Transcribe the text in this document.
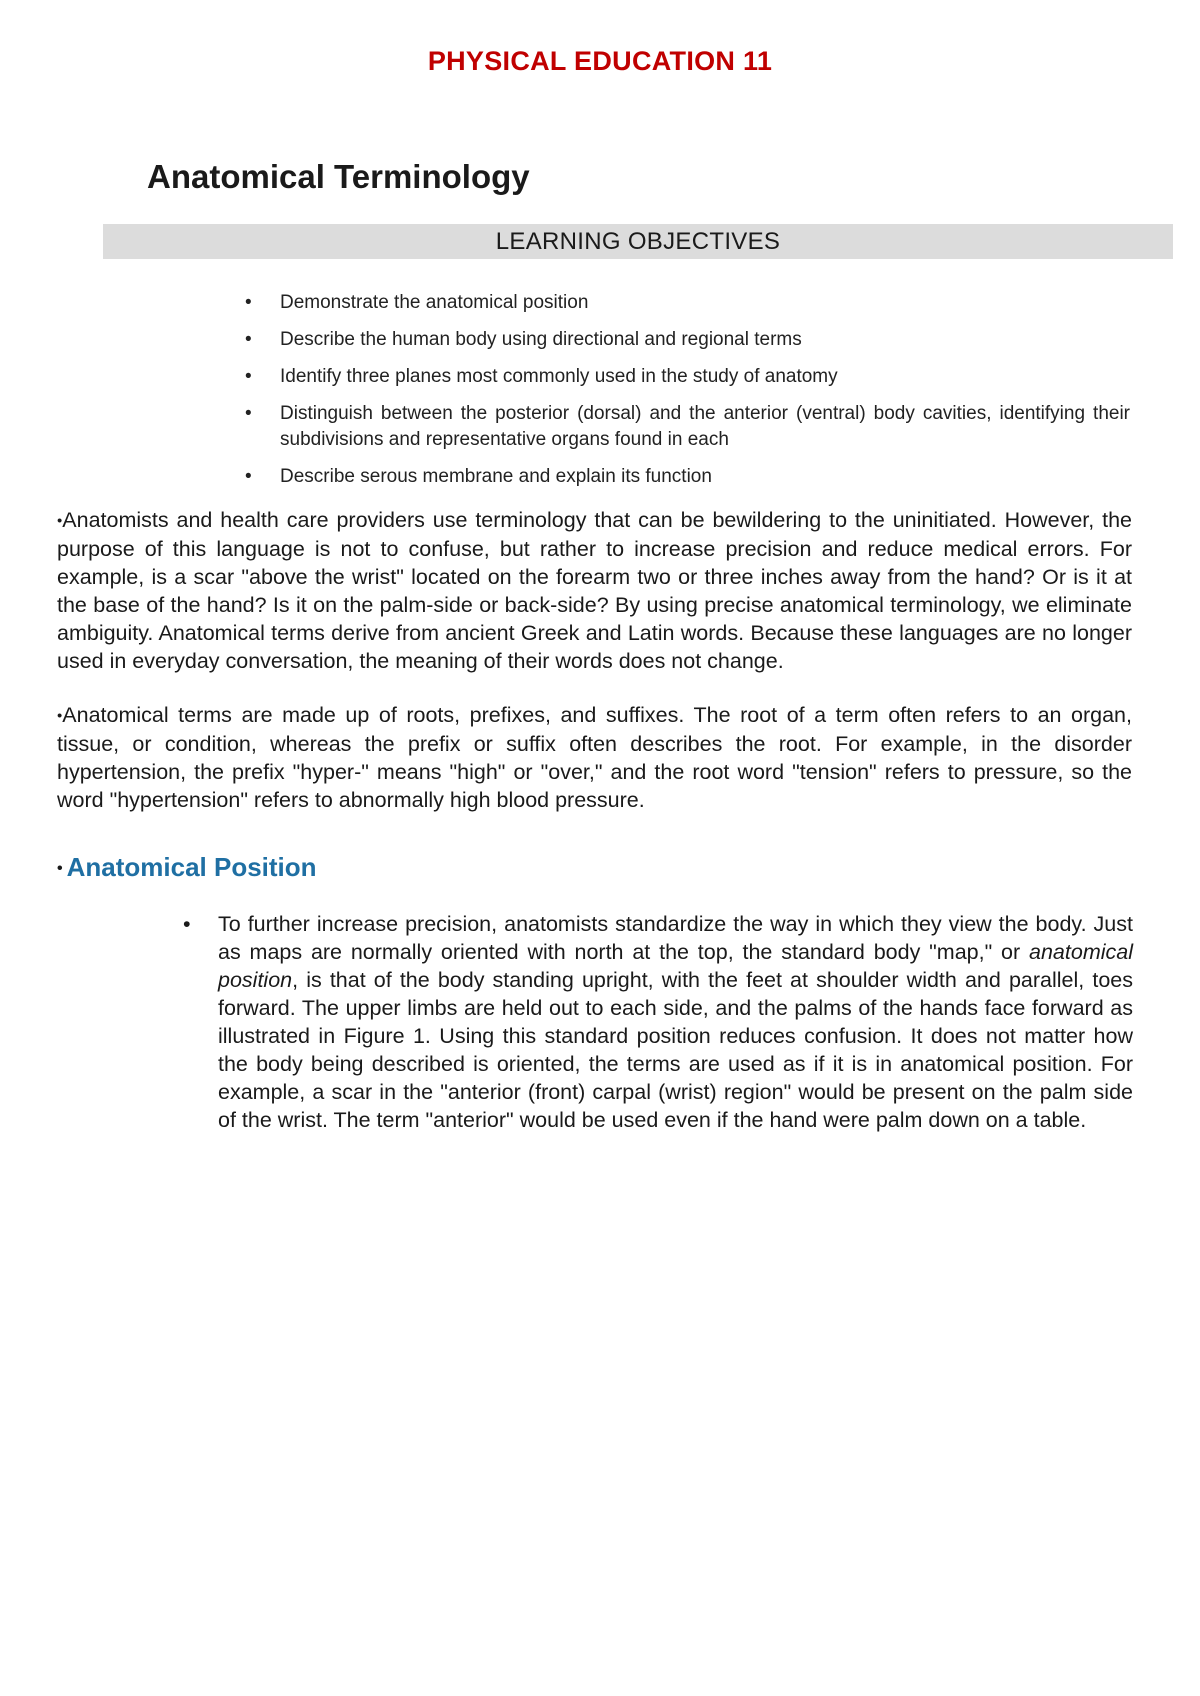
PHYSICAL EDUCATION 11
Anatomical Terminology
LEARNING OBJECTIVES
• Demonstrate the anatomical position
• Describe the human body using directional and regional terms
• Identify three planes most commonly used in the study of anatomy
• Distinguish between the posterior (dorsal) and the anterior (ventral) body cavities, identifying their subdivisions and representative organs found in each
• Describe serous membrane and explain its function

•Anatomists and health care providers use terminology that can be bewildering to the uninitiated. However, the purpose of this language is not to confuse, but rather to increase precision and reduce medical errors. For example, is a scar "above the wrist" located on the forearm two or three inches away from the hand? Or is it at the base of the hand? Is it on the palm-side or back-side? By using precise anatomical terminology, we eliminate ambiguity. Anatomical terms derive from ancient Greek and Latin words. Because these languages are no longer used in everyday conversation, the meaning of their words does not change.

•Anatomical terms are made up of roots, prefixes, and suffixes. The root of a term often refers to an organ, tissue, or condition, whereas the prefix or suffix often describes the root. For example, in the disorder hypertension, the prefix "hyper-" means "high" or "over," and the root word "tension" refers to pressure, so the word "hypertension" refers to abnormally high blood pressure.

• Anatomical Position
• To further increase precision, anatomists standardize the way in which they view the body. Just as maps are normally oriented with north at the top, the standard body "map," or anatomical position, is that of the body standing upright, with the feet at shoulder width and parallel, toes forward. The upper limbs are held out to each side, and the palms of the hands face forward as illustrated in Figure 1. Using this standard position reduces confusion. It does not matter how the body being described is oriented, the terms are used as if it is in anatomical position. For example, a scar in the "anterior (front) carpal (wrist) region" would be present on the palm side of the wrist. The term "anterior" would be used even if the hand were palm down on a table.
